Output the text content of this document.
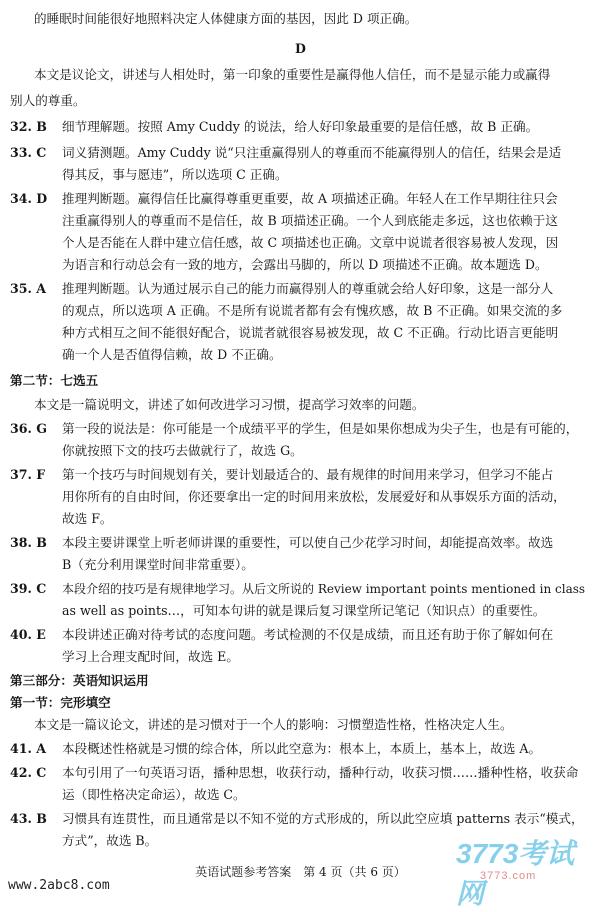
的睡眠时间能很好地照料决定人体健康方面的基因，因此 D 项正确。
D
本文是议论文，讲述与人相处时，第一印象的重要性是赢得他人信任，而不是显示能力或赢得
别人的尊重。
32. B 细节理解题。按照 Amy Cuddy 的说法，给人好印象最重要的是信任感，故 B 正确。
33. C 词义猜测题。Amy Cuddy 说“只注重赢得别人的尊重而不能赢得别人的信任，结果会是适
得其反，事与愿违”，所以选项 C 正确。
34. D 推理判断题。赢得信任比赢得尊重更重要，故 A 项描述正确。年轻人在工作早期往往只会
注重赢得别人的尊重而不是信任，故 B 项描述正确。一个人到底能走多远，这也依赖于这
个人是否能在人群中建立信任感，故 C 项描述也正确。文章中说谎者很容易被人发现，因
为语言和行动总会有一致的地方，会露出马脚的，所以 D 项描述不正确。故本题选 D。
35. A 推理判断题。认为通过展示自己的能力而赢得别人的尊重就会给人好印象，这是一部分人
的观点，所以选项 A 正确。不是所有说谎者都有会有愧疚感，故 B 不正确。如果交流的多
种方式相互之间不能很好配合，说谎者就很容易被发现，故 C 不正确。行动比语言更能明
确一个人是否值得信赖，故 D 不正确。
第二节：七选五
本文是一篇说明文，讲述了如何改进学习习惯，提高学习效率的问题。
36. G 第一段的说法是：你可能是一个成绩平平的学生，但是如果你想成为尖子生，也是有可能的，
你就按照下文的技巧去做就行了，故选 G。
37. F 第一个技巧与时间规划有关，要计划最适合的、最有规律的时间用来学习，但学习不能占
用你所有的自由时间，你还要拿出一定的时间用来放松，发展爱好和从事娱乐方面的活动，
故选 F。
38. B 本段主要讲课堂上听老师讲课的重要性，可以使自己少花学习时间，却能提高效率。故选
B（充分利用课堂时间非常重要）。
39. C 本段介绍的技巧是有规律地学习。从后文所说的 Review important points mentioned in class
as well as points…，可知本句讲的就是课后复习课堂所记笔记（知识点）的重要性。
40. E 本段讲述正确对待考试的态度问题。考试检测的不仅是成绩，而且还有助于你了解如何在
学习上合理支配时间，故选 E。
第三部分：英语知识运用
第一节：完形填空
本文是一篇议论文，讲述的是习惯对于一个人的影响：习惯塑造性格，性格决定人生。
41. A 本段概述性格就是习惯的综合体，所以此空意为：根本上，本质上，基本上，故选 A。
42. C 本句引用了一句英语习语，播种思想，收获行动，播种行动，收获习惯……播种性格，收获命
运（即性格决定命运），故选 C。
43. B 习惯具有连贯性，而且通常是以不知不觉的方式形成的，所以此空应填 patterns 表示“模式，
方式”，故选 B。
英语试题参考答案　第 4 页（共 6 页）
3773考试网
3773.com
www.2abc8.com
